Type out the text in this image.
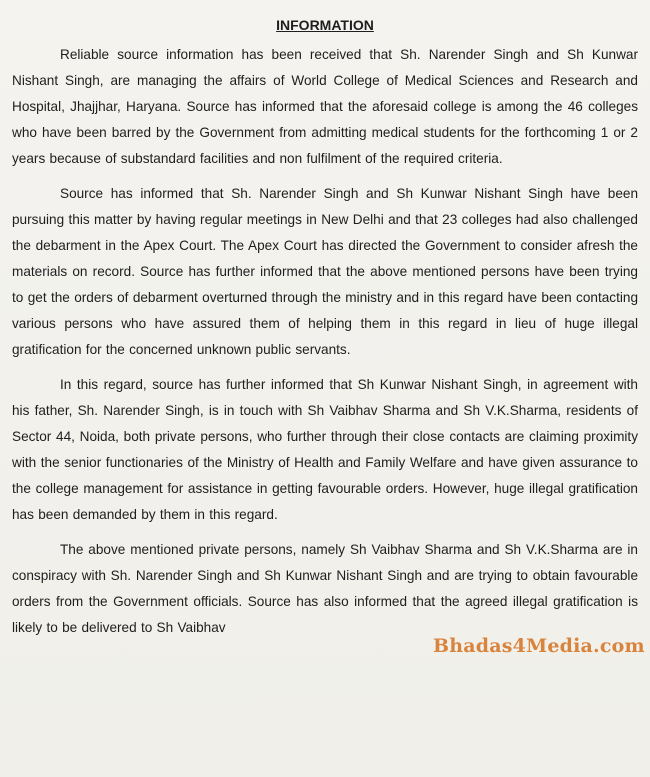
INFORMATION

Reliable source information has been received that Sh. Narender Singh and Sh Kunwar Nishant Singh, are managing the affairs of World College of Medical Sciences and Research and Hospital, Jhajjhar, Haryana. Source has informed that the aforesaid college is among the 46 colleges who have been barred by the Government from admitting medical students for the forthcoming 1 or 2 years because of substandard facilities and non fulfilment of the required criteria.

Source has informed that Sh. Narender Singh and Sh Kunwar Nishant Singh have been pursuing this matter by having regular meetings in New Delhi and that 23 colleges had also challenged the debarment in the Apex Court. The Apex Court has directed the Government to consider afresh the materials on record. Source has further informed that the above mentioned persons have been trying to get the orders of debarment overturned through the ministry and in this regard have been contacting various persons who have assured them of helping them in this regard in lieu of huge illegal gratification for the concerned unknown public servants.

In this regard, source has further informed that Sh Kunwar Nishant Singh, in agreement with his father, Sh. Narender Singh, is in touch with Sh Vaibhav Sharma and Sh V.K.Sharma, residents of Sector 44, Noida, both private persons, who further through their close contacts are claiming proximity with the senior functionaries of the Ministry of Health and Family Welfare and have given assurance to the college management for assistance in getting favourable orders. However, huge illegal gratification has been demanded by them in this regard.

The above mentioned private persons, namely Sh Vaibhav Sharma and Sh V.K.Sharma are in conspiracy with Sh. Narender Singh and Sh Kunwar Nishant Singh and are trying to obtain favourable orders from the Government officials. Source has also informed that the agreed illegal gratification is likely to be delivered to Sh Vaibhav

Bhadas4Media.com
